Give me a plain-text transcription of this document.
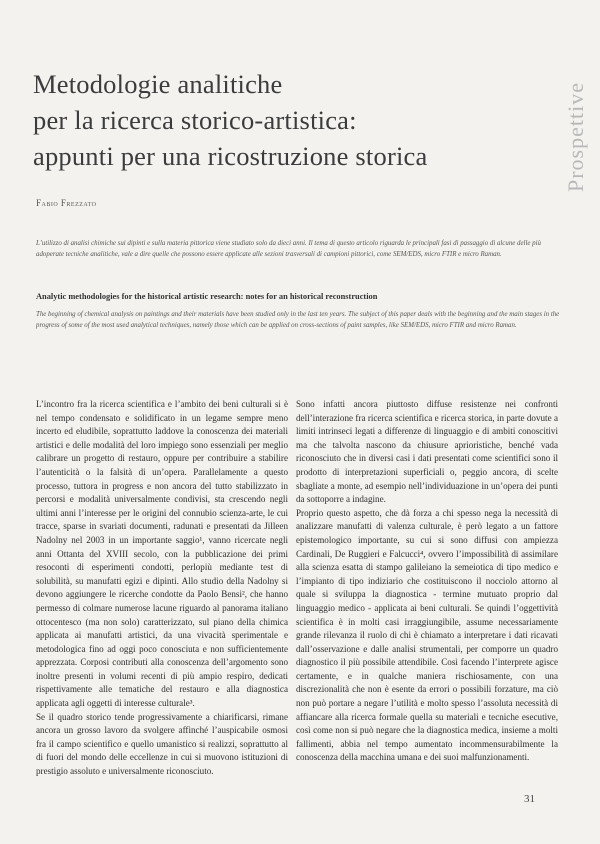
Metodologie analitiche
per la ricerca storico-artistica:
appunti per una ricostruzione storica	Prospettive
Fabio Frezzato

L’utilizzo di analisi chimiche sui dipinti e sulla materia pittorica viene studiato solo da dieci anni. Il tema di questo articolo riguarda le principali fasi di passaggio di alcune delle più adoperate tecniche analitiche, vale a dire quelle che possono essere applicate alle sezioni trasversali di campioni pittorici, come SEM/EDS, micro FTIR e micro Raman.

Analytic methodologies for the historical artistic research: notes for an historical reconstruction

The beginning of chemical analysis on paintings and their materials have been studied only in the last ten years. The subject of this paper deals with the beginning and the main stages in the progress of some of the most used analytical techniques, namely those which can be applied on cross-sections of paint samples, like SEM/EDS, micro FTIR and micro Raman.

L’incontro fra la ricerca scientifica e l’ambito dei beni culturali si è nel tempo condensato e solidificato in un legame sempre meno incerto ed eludibile, soprattutto laddove la conoscenza dei materiali artistici e delle modalità del loro impiego sono essenziali per meglio calibrare un progetto di restauro, oppure per contribuire a stabilire l’autenticità o la falsità di un’opera. Parallelamente a questo processo, tuttora in progress e non ancora del tutto stabilizzato in percorsi e modalità universalmente condivisi, sta crescendo negli ultimi anni l’interesse per le origini del connubio scienza-arte, le cui tracce, sparse in svariati documenti, radunati e presentati da Jilleen Nadolny nel 2003 in un importante saggio¹, vanno ricercate negli anni Ottanta del XVIII secolo, con la pubblicazione dei primi resoconti di esperimenti condotti, perlopiù mediante test di solubilità, su manufatti egizi e dipinti. Allo studio della Nadolny si devono aggiungere le ricerche condotte da Paolo Bensi², che hanno permesso di colmare numerose lacune riguardo al panorama italiano ottocentesco (ma non solo) caratterizzato, sul piano della chimica applicata ai manufatti artistici, da una vivacità sperimentale e metodologica fino ad oggi poco conosciuta e non sufficientemente apprezzata. Corposi contributi alla conoscenza dell’argomento sono inoltre presenti in volumi recenti di più ampio respiro, dedicati rispettivamente alle tematiche del restauro e alla diagnostica applicata agli oggetti di interesse culturale³.

Se il quadro storico tende progressivamente a chiarificarsi, rimane ancora un grosso lavoro da svolgere affinché l’auspicabile osmosi fra il campo scientifico e quello umanistico si realizzi, soprattutto al di fuori del mondo delle eccellenze in cui si muovono istituzioni di prestigio assoluto e universalmente riconosciuto.

Sono infatti ancora piuttosto diffuse resistenze nei confronti dell’interazione fra ricerca scientifica e ricerca storica, in parte dovute a limiti intrinseci legati a differenze di linguaggio e di ambiti conoscitivi ma che talvolta nascono da chiusure aprioristiche, benché vada riconosciuto che in diversi casi i dati presentati come scientifici sono il prodotto di interpretazioni superficiali o, peggio ancora, di scelte sbagliate a monte, ad esempio nell’individuazione in un’opera dei punti da sottoporre a indagine.

Proprio questo aspetto, che dà forza a chi spesso nega la necessità di analizzare manufatti di valenza culturale, è però legato a un fattore epistemologico importante, su cui si sono diffusi con ampiezza Cardinali, De Ruggieri e Falcucci⁴, ovvero l’impossibilità di assimilare alla scienza esatta di stampo galileiano la semeiotica di tipo medico e l’impianto di tipo indiziario che costituiscono il nocciolo attorno al quale si sviluppa la diagnostica - termine mutuato proprio dal linguaggio medico - applicata ai beni culturali. Se quindi l’oggettività scientifica è in molti casi irraggiungibile, assume necessariamente grande rilevanza il ruolo di chi è chiamato a interpretare i dati ricavati dall’osservazione e dalle analisi strumentali, per comporre un quadro diagnostico il più possibile attendibile. Così facendo l’interprete agisce certamente, e in qualche maniera rischiosamente, con una discrezionalità che non è esente da errori o possibili forzature, ma ciò non può portare a negare l’utilità e molto spesso l’assoluta necessità di affiancare alla ricerca formale quella su materiali e tecniche esecutive, così come non si può negare che la diagnostica medica, insieme a molti fallimenti, abbia nel tempo aumentato incommensurabilmente la conoscenza della macchina umana e dei suoi malfunzionamenti.

31
